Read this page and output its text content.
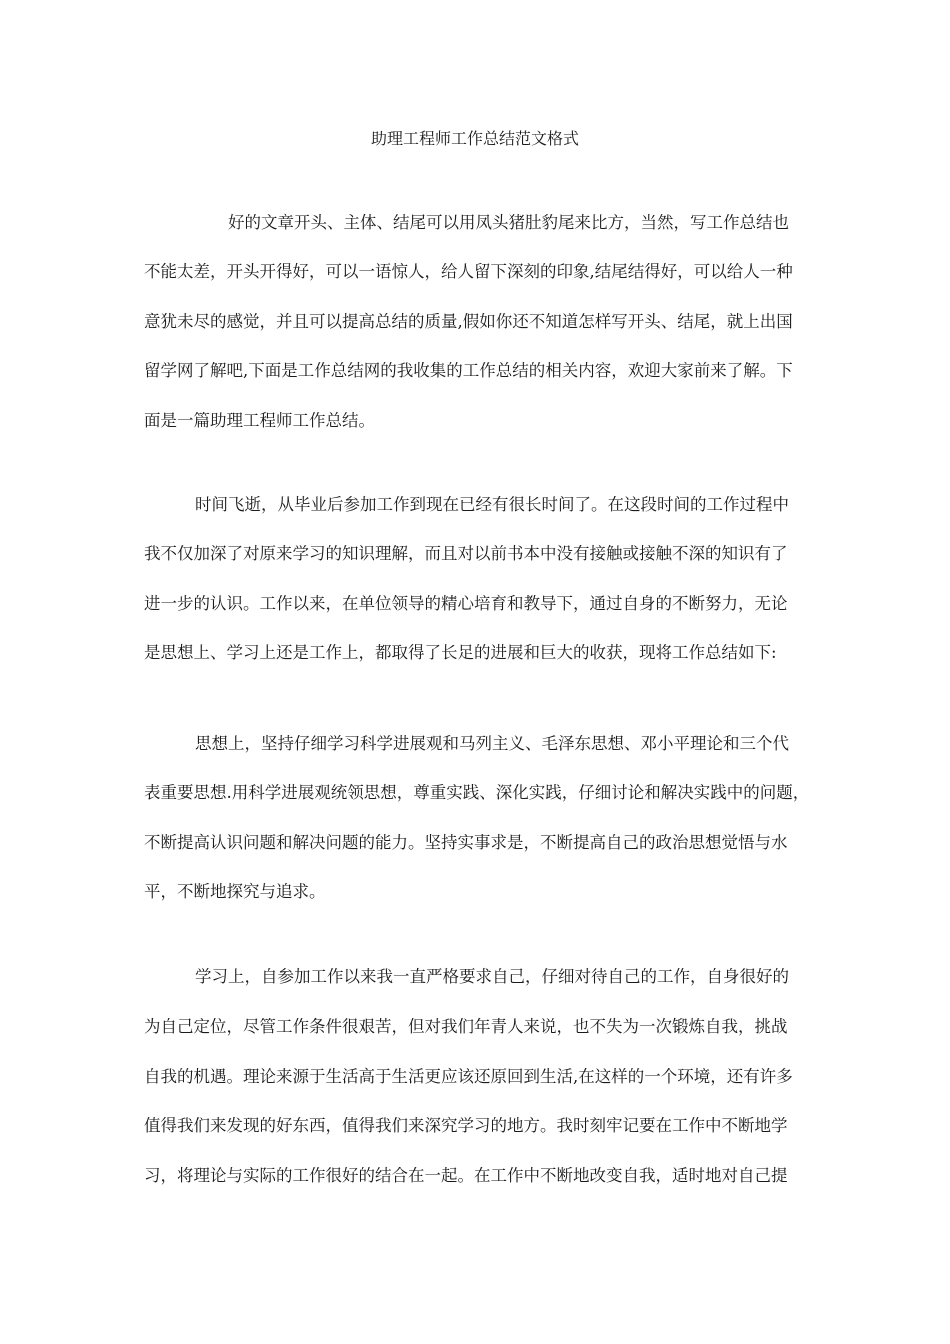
助理工程师工作总结范文格式
好的文章开头、主体、结尾可以用凤头猪肚豹尾来比方，当然，写工作总结也
不能太差，开头开得好，可以一语惊人，给人留下深刻的印象,结尾结得好，可以给人一种
意犹未尽的感觉，并且可以提高总结的质量,假如你还不知道怎样写开头、结尾，就上出国
留学网了解吧,下面是工作总结网的我收集的工作总结的相关内容，欢迎大家前来了解。下
面是一篇助理工程师工作总结。
时间飞逝，从毕业后参加工作到现在已经有很长时间了。在这段时间的工作过程中
我不仅加深了对原来学习的知识理解，而且对以前书本中没有接触或接触不深的知识有了
进一步的认识。工作以来，在单位领导的精心培育和教导下，通过自身的不断努力，无论
是思想上、学习上还是工作上，都取得了长足的进展和巨大的收获，现将工作总结如下:
思想上，坚持仔细学习科学进展观和马列主义、毛泽东思想、邓小平理论和三个代
表重要思想.用科学进展观统领思想，尊重实践、深化实践，仔细讨论和解决实践中的问题，
不断提高认识问题和解决问题的能力。坚持实事求是，不断提高自己的政治思想觉悟与水
平，不断地探究与追求。
学习上，自参加工作以来我一直严格要求自己，仔细对待自己的工作，自身很好的
为自己定位，尽管工作条件很艰苦，但对我们年青人来说，也不失为一次锻炼自我，挑战
自我的机遇。理论来源于生活高于生活更应该还原回到生活,在这样的一个环境，还有许多
值得我们来发现的好东西，值得我们来深究学习的地方。我时刻牢记要在工作中不断地学
习，将理论与实际的工作很好的结合在一起。在工作中不断地改变自我，适时地对自己提
